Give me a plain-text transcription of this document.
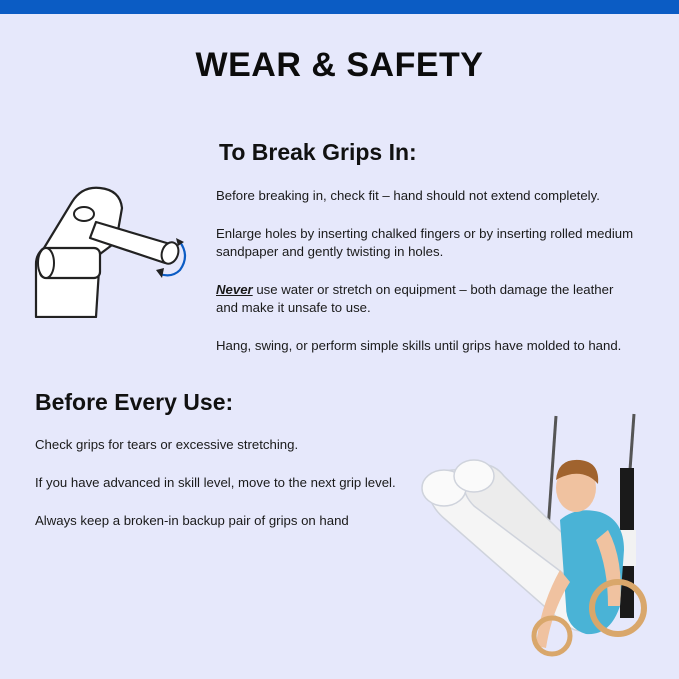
WEAR & SAFETY
To Break Grips In:
Before breaking in, check fit – hand should not extend completely.
Enlarge holes by inserting chalked fingers or by inserting rolled medium sandpaper and gently twisting in holes.
Never use water or stretch on equipment – both damage the leather and make it unsafe to use.
Hang, swing, or perform simple skills until grips have molded to hand.
Before Every Use:
Check grips for tears or excessive stretching.
If you have advanced in skill level, move to the next grip level.
Always keep a broken-in backup pair of grips on hand
